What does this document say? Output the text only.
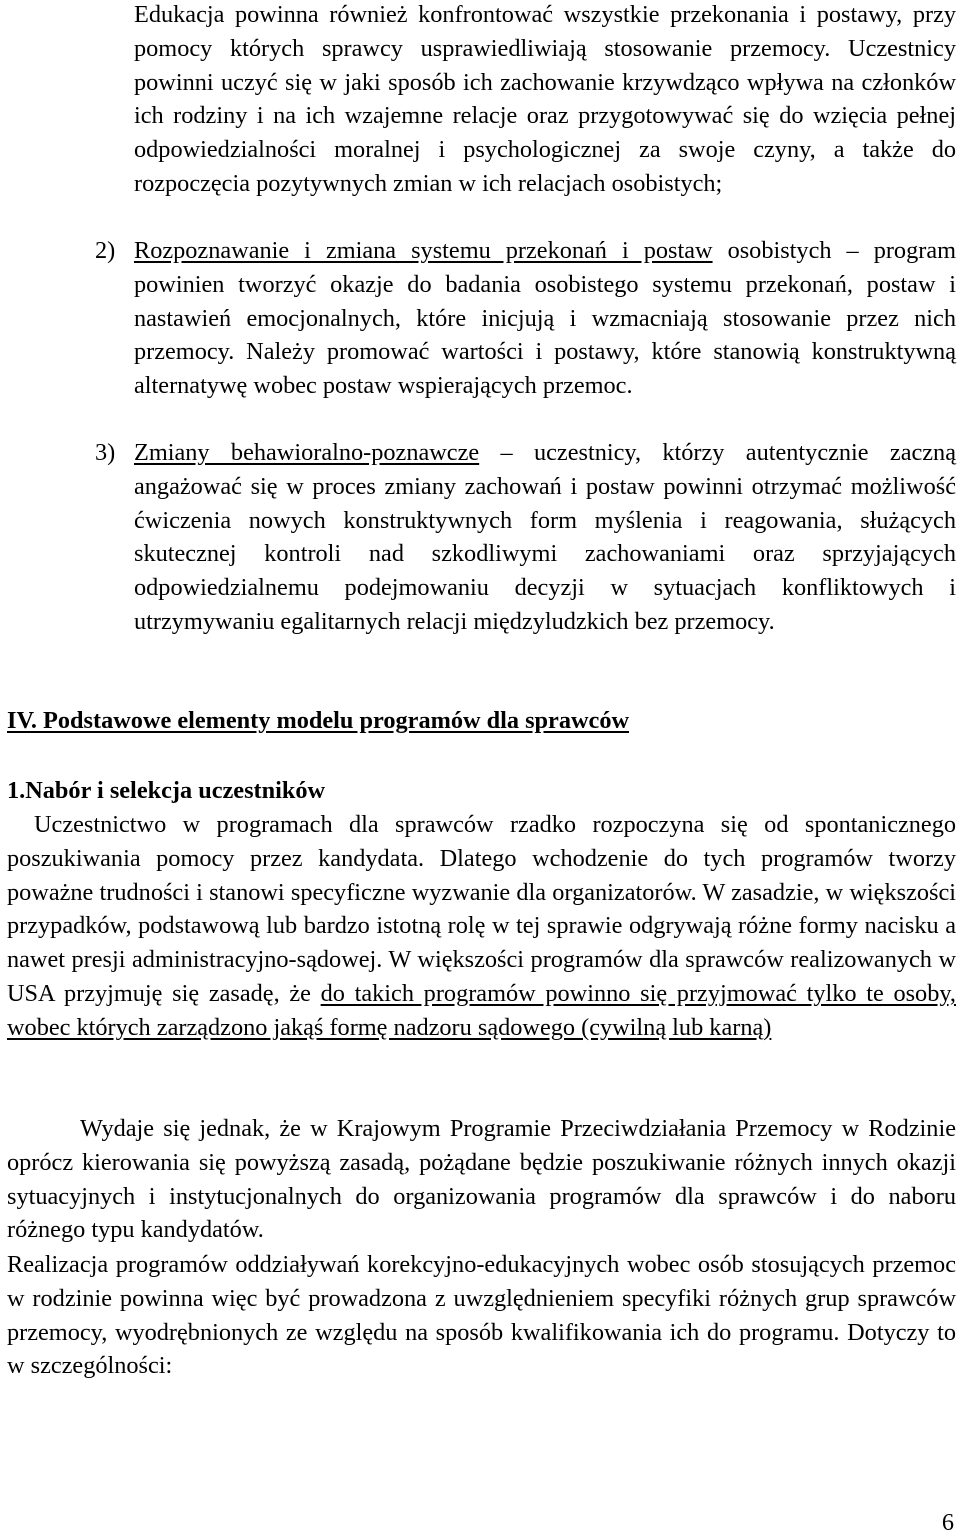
Edukacja powinna również konfrontować wszystkie przekonania i postawy, przy pomocy których sprawcy usprawiedliwiają stosowanie przemocy. Uczestnicy powinni uczyć się w jaki sposób ich zachowanie krzywdząco wpływa na członków ich rodziny i na ich wzajemne relacje oraz przygotowywać się do wzięcia pełnej odpowiedzialności moralnej i psychologicznej za swoje czyny, a także do rozpoczęcia pozytywnych zmian w ich relacjach osobistych;

2) Rozpoznawanie i zmiana systemu przekonań i postaw osobistych – program powinien tworzyć okazje do badania osobistego systemu przekonań, postaw i nastawień emocjonalnych, które inicjują i wzmacniają stosowanie przez nich przemocy. Należy promować wartości i postawy, które stanowią konstruktywną alternatywę wobec postaw wspierających przemoc.

3) Zmiany behawioralno-poznawcze – uczestnicy, którzy autentycznie zaczną angażować się w proces zmiany zachowań i postaw powinni otrzymać możliwość ćwiczenia nowych konstruktywnych form myślenia i reagowania, służących skutecznej kontroli nad szkodliwymi zachowaniami oraz sprzyjających odpowiedzialnemu podejmowaniu decyzji w sytuacjach konfliktowych i utrzymywaniu egalitarnych relacji międzyludzkich bez przemocy.

IV. Podstawowe elementy modelu programów dla sprawców
1.Nabór i selekcja uczestników

Uczestnictwo w programach dla sprawców rzadko rozpoczyna się od spontanicznego poszukiwania pomocy przez kandydata. Dlatego wchodzenie do tych programów tworzy poważne trudności i stanowi specyficzne wyzwanie dla organizatorów. W zasadzie, w większości przypadków, podstawową lub bardzo istotną rolę w tej sprawie odgrywają różne formy nacisku a nawet presji administracyjno-sądowej. W większości programów dla sprawców realizowanych w USA przyjmuję się zasadę, że do takich programów powinno się przyjmować tylko te osoby, wobec których zarządzono jakąś formę nadzoru sądowego (cywilną lub karną)

Wydaje się jednak, że w Krajowym Programie Przeciwdziałania Przemocy w Rodzinie oprócz kierowania się powyższą zasadą, pożądane będzie poszukiwanie różnych innych okazji sytuacyjnych i instytucjonalnych do organizowania programów dla sprawców i do naboru różnego typu kandydatów.

Realizacja programów oddziaływań korekcyjno-edukacyjnych wobec osób stosujących przemoc w rodzinie powinna więc być prowadzona z uwzględnieniem specyfiki różnych grup sprawców przemocy, wyodrębnionych ze względu na sposób kwalifikowania ich do programu. Dotyczy to w szczególności:

6
